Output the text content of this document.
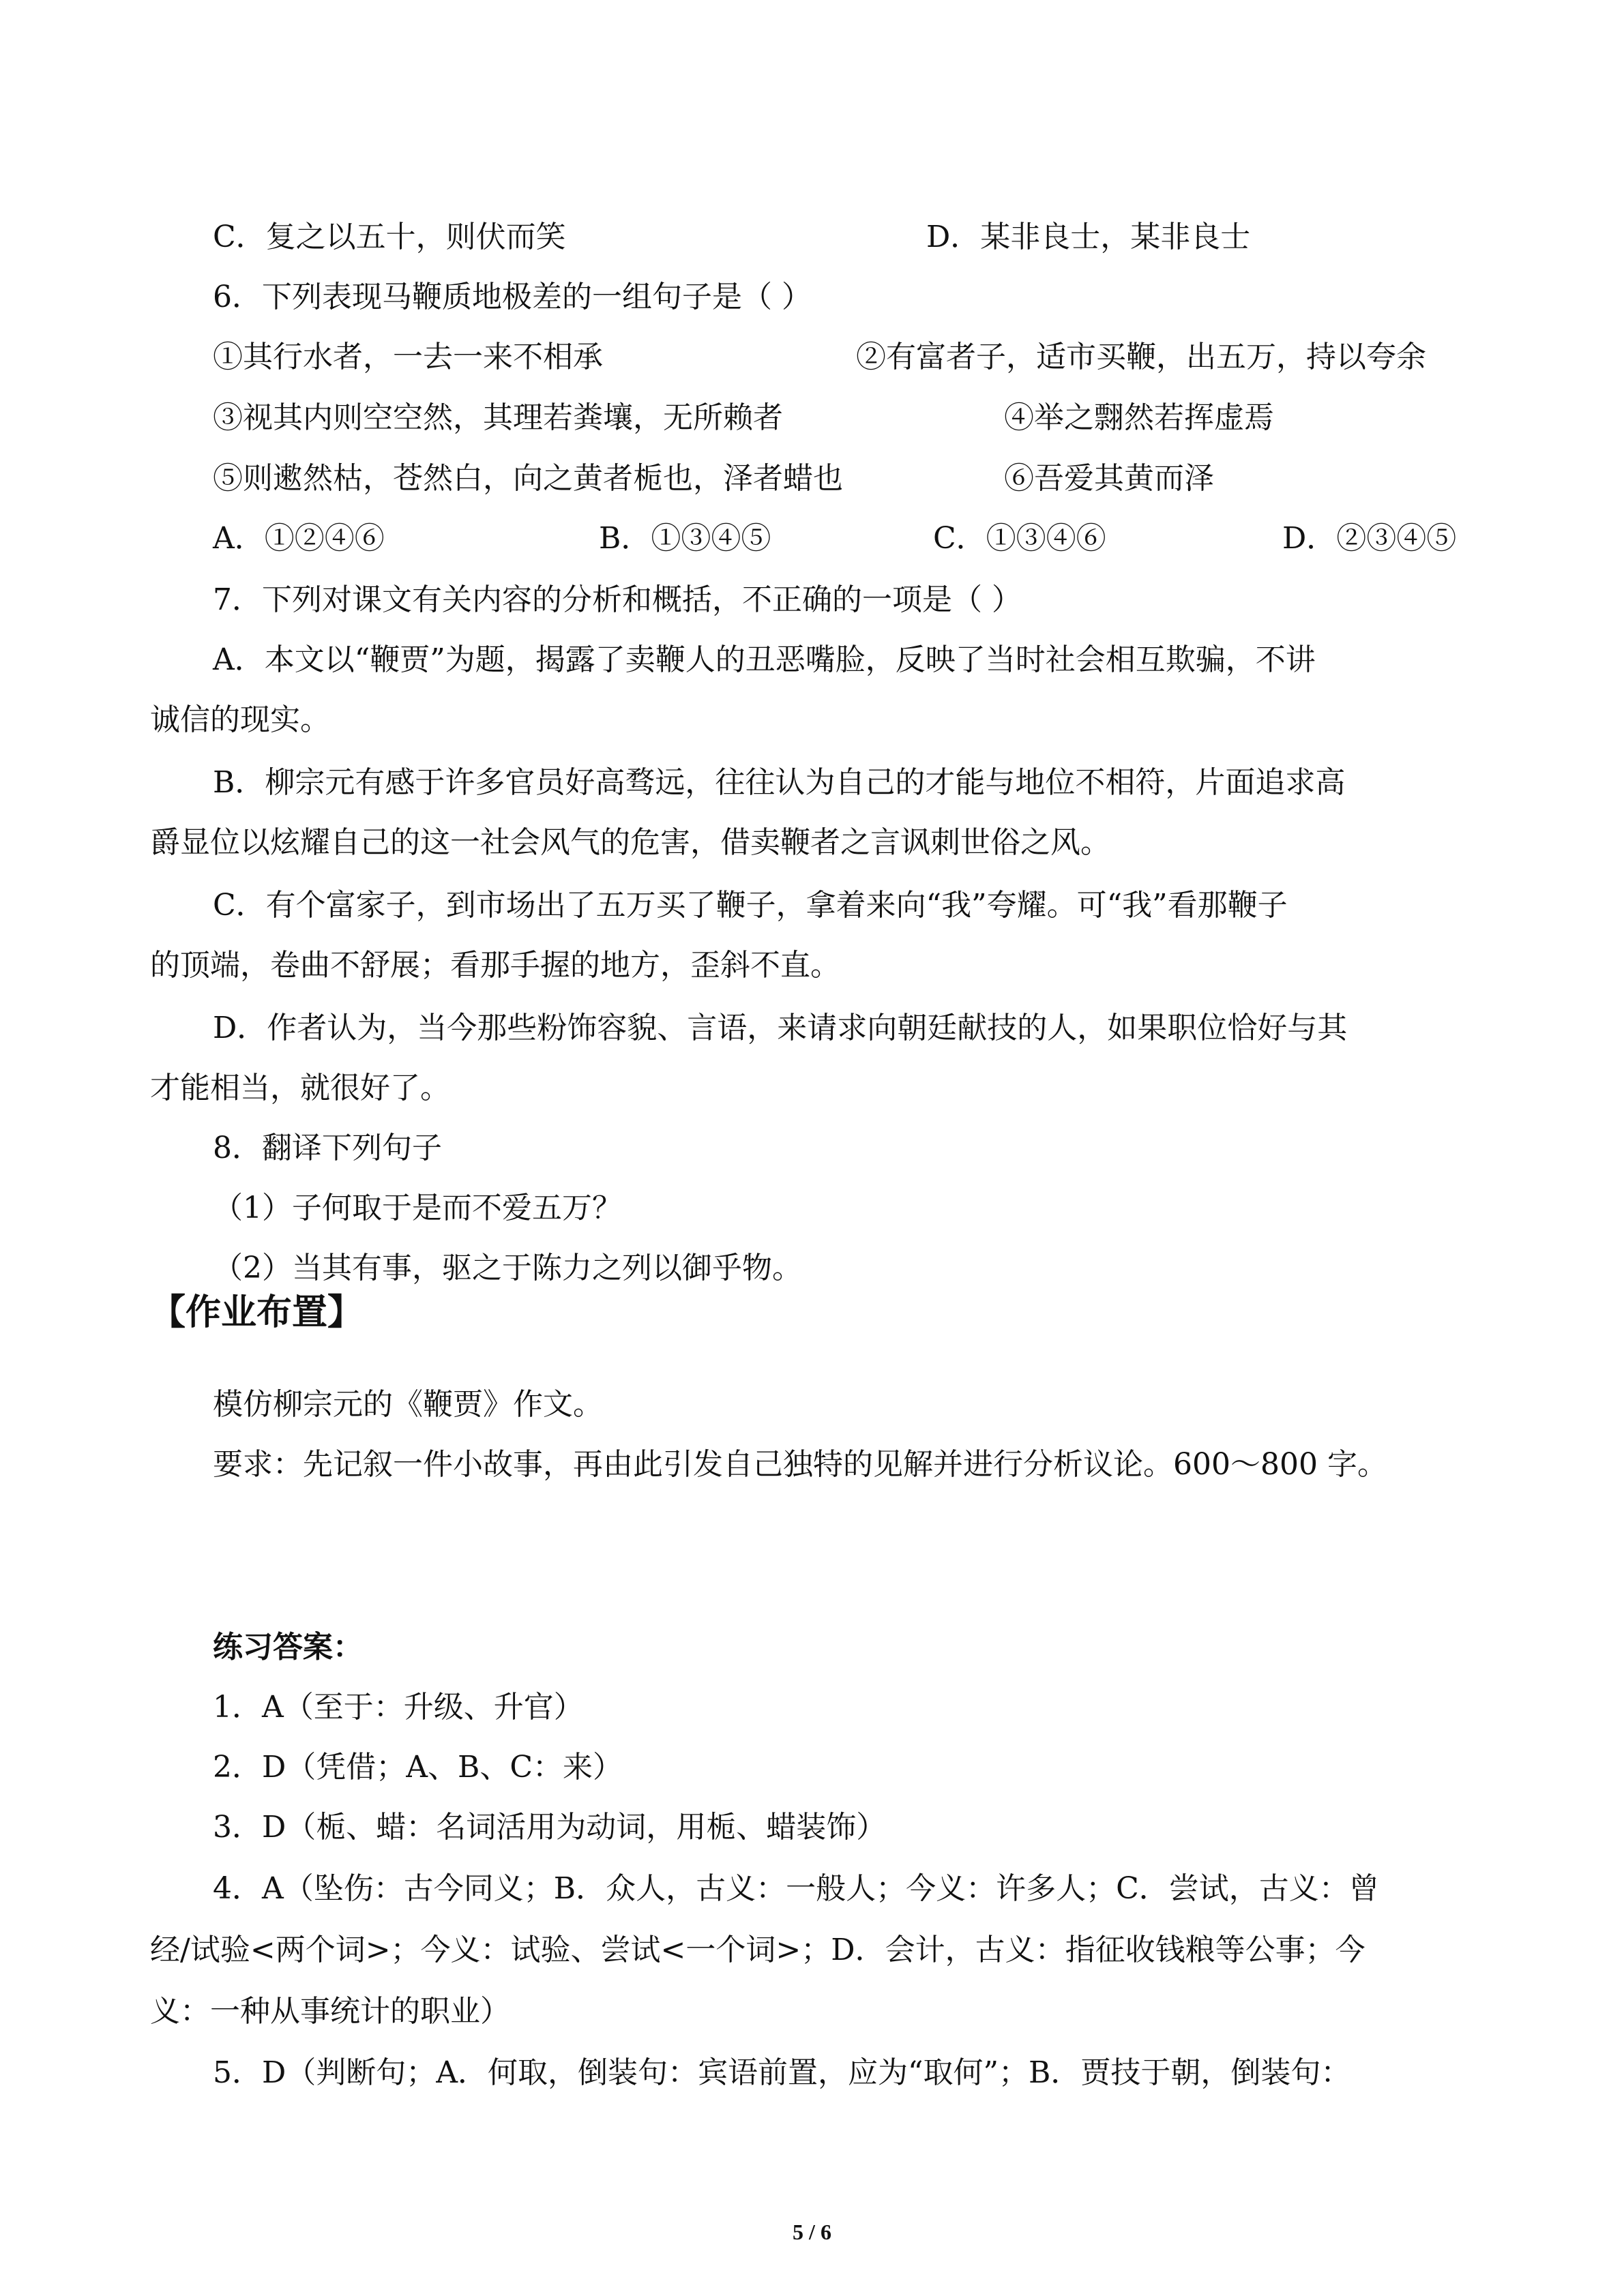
C．复之以五十，则伏而笑	D．某非良士，某非良士
6．下列表现马鞭质地极差的一组句子是（ ）
①其行水者，一去一来不相承	②有富者子，适市买鞭，出五万，持以夸余
③视其内则空空然，其理若粪壤，无所赖者	④举之翲然若挥虚焉
⑤则遬然枯，苍然白，向之黄者栀也，泽者蜡也	⑥吾爱其黄而泽
A．①②④⑥	B．①③④⑤	C．①③④⑥	D．②③④⑤
7．下列对课文有关内容的分析和概括，不正确的一项是（ ）
A．本文以“鞭贾”为题，揭露了卖鞭人的丑恶嘴脸，反映了当时社会相互欺骗，不讲
诚信的现实。
B．柳宗元有感于许多官员好高骛远，往往认为自己的才能与地位不相符，片面追求高
爵显位以炫耀自己的这一社会风气的危害，借卖鞭者之言讽刺世俗之风。
C．有个富家子，到市场出了五万买了鞭子，拿着来向“我”夸耀。可“我”看那鞭子
的顶端，卷曲不舒展；看那手握的地方，歪斜不直。
D．作者认为，当今那些粉饰容貌、言语，来请求向朝廷献技的人，如果职位恰好与其
才能相当，就很好了。
8．翻译下列句子
（1）子何取于是而不爱五万？
（2）当其有事，驱之于陈力之列以御乎物。
【作业布置】
模仿柳宗元的《鞭贾》作文。
要求：先记叙一件小故事，再由此引发自己独特的见解并进行分析议论。600～800 字。
练习答案：
1．A（至于：升级、升官）
2．D（凭借；A、B、C：来）
3．D（栀、蜡：名词活用为动词，用栀、蜡装饰）
4．A（坠伤：古今同义；B．众人，古义：一般人；今义：许多人；C．尝试，古义：曾
经/试验<两个词>；今义：试验、尝试<一个词>；D．会计，古义：指征收钱粮等公事；今
义：一种从事统计的职业）
5．D（判断句；A．何取，倒装句：宾语前置，应为“取何”；B．贾技于朝，倒装句：
5 / 6
